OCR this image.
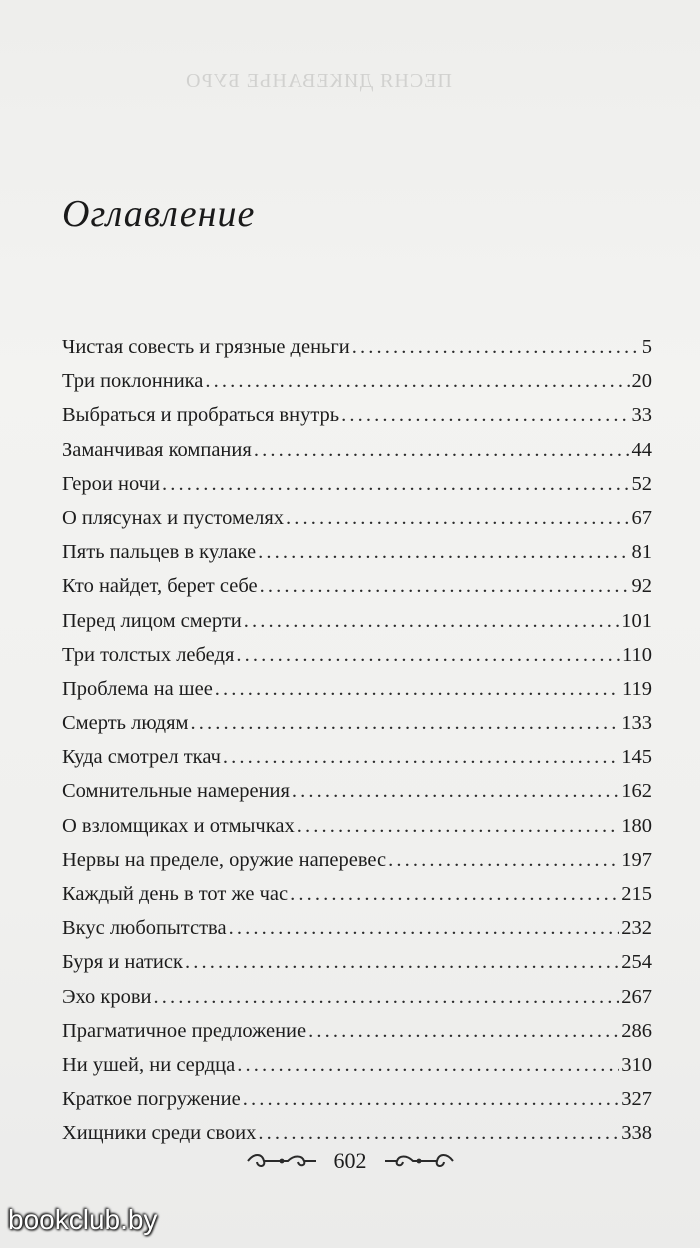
ПЕСНЯ ДИКЕВАНЬЕ БУРО
Оглавление
Чистая совесть и грязные деньги . . .	5
Три поклонника . . .	20
Выбраться и пробраться внутрь . . .	33
Заманчивая компания . . .	44
Герои ночи . . .	52
О плясунах и пустомелях . . .	67
Пять пальцев в кулаке . . .	81
Кто найдет, берет себе . . .	92
Перед лицом смерти . . .	101
Три толстых лебедя . . .	110
Проблема на шее . . .	119
Смерть людям . . .	133
Куда смотрел ткач . . .	145
Сомнительные намерения . . .	162
О взломщиках и отмычках . . .	180
Нервы на пределе, оружие наперевес . . .	197
Каждый день в тот же час . . .	215
Вкус любопытства . . .	232
Буря и натиск . . .	254
Эхо крови . . .	267
Прагматичное предложение . . .	286
Ни ушей, ни сердца . . .	310
Краткое погружение . . .	327
Хищники среди своих . . .	338
602
bookclub.by
